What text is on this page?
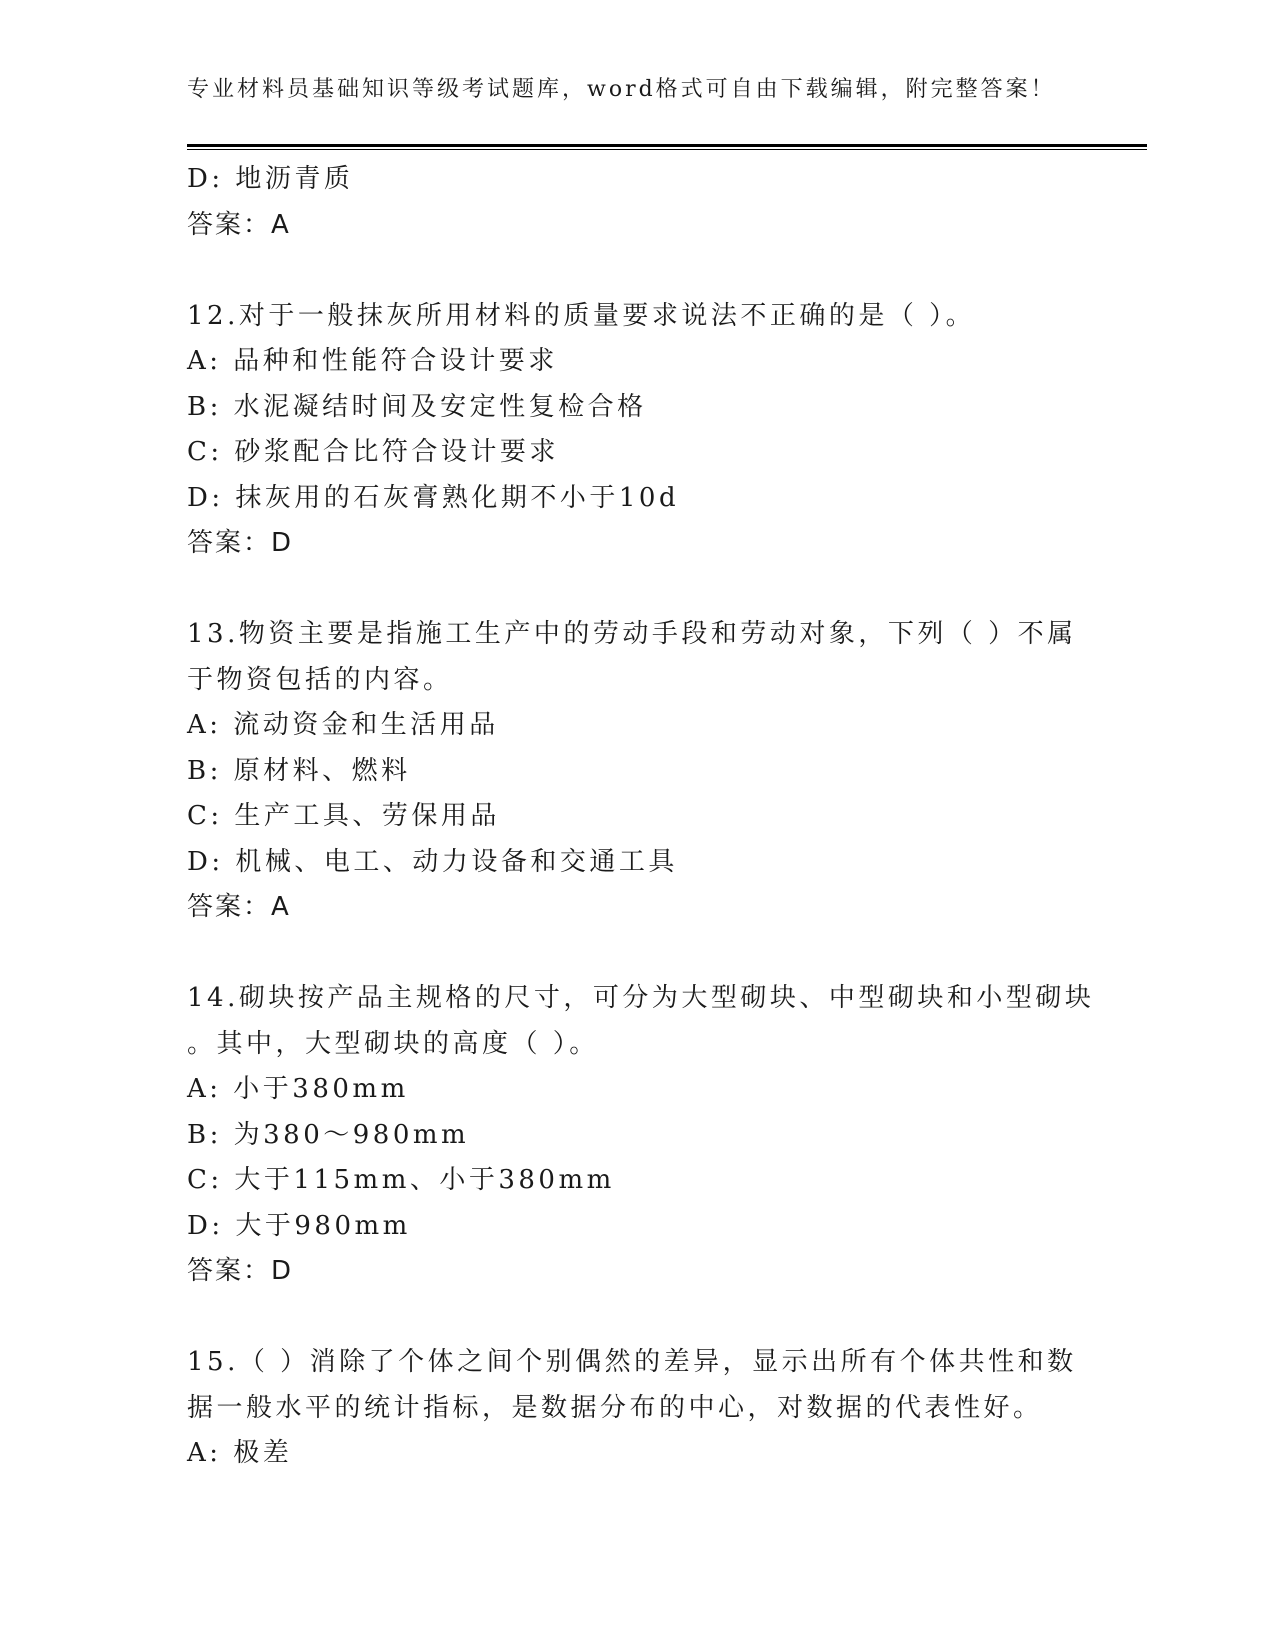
专业材料员基础知识等级考试题库，word格式可自由下载编辑，附完整答案！
D: 地沥青质
答案：A
12.对于一般抹灰所用材料的质量要求说法不正确的是（ ）。
A: 品种和性能符合设计要求
B: 水泥凝结时间及安定性复检合格
C: 砂浆配合比符合设计要求
D: 抹灰用的石灰膏熟化期不小于10d
答案：D
13.物资主要是指施工生产中的劳动手段和劳动对象，下列（ ）不属
于物资包括的内容。
A: 流动资金和生活用品
B: 原材料、燃料
C: 生产工具、劳保用品
D: 机械、电工、动力设备和交通工具
答案：A
14.砌块按产品主规格的尺寸，可分为大型砌块、中型砌块和小型砌块
。其中，大型砌块的高度（ ）。
A: 小于380mm
B: 为380～980mm
C: 大于115mm、小于380mm
D: 大于980mm
答案：D
15.（ ）消除了个体之间个别偶然的差异，显示出所有个体共性和数
据一般水平的统计指标，是数据分布的中心，对数据的代表性好。
A: 极差
